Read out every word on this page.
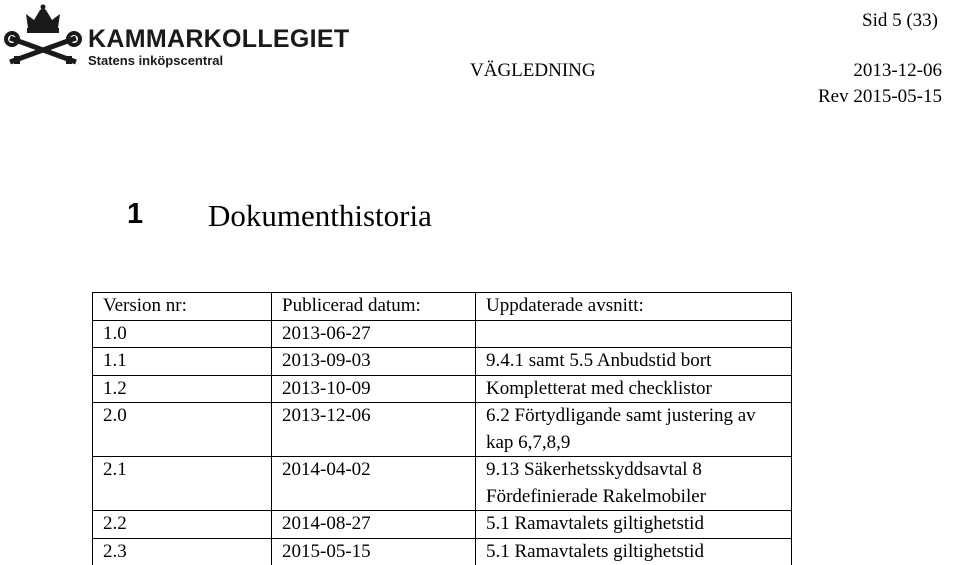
KAMMARKOLLEGIET
Statens inköpscentral
Sid 5 (33)
VÄGLEDNING	2013-12-06
Rev 2015-05-15
1 Dokumenthistoria
Version nr:	Publicerad datum:	Uppdaterade avsnitt:
1.0	2013-06-27	
1.1	2013-09-03	9.4.1 samt 5.5 Anbudstid bort
1.2	2013-10-09	Kompletterat med checklistor
2.0	2013-12-06	6.2 Förtydligande samt justering av kap 6,7,8,9
2.1	2014-04-02	9.13 Säkerhetsskyddsavtal 8 Fördefinierade Rakelmobiler
2.2	2014-08-27	5.1 Ramavtalets giltighetstid
2.3	2015-05-15	5.1 Ramavtalets giltighetstid
